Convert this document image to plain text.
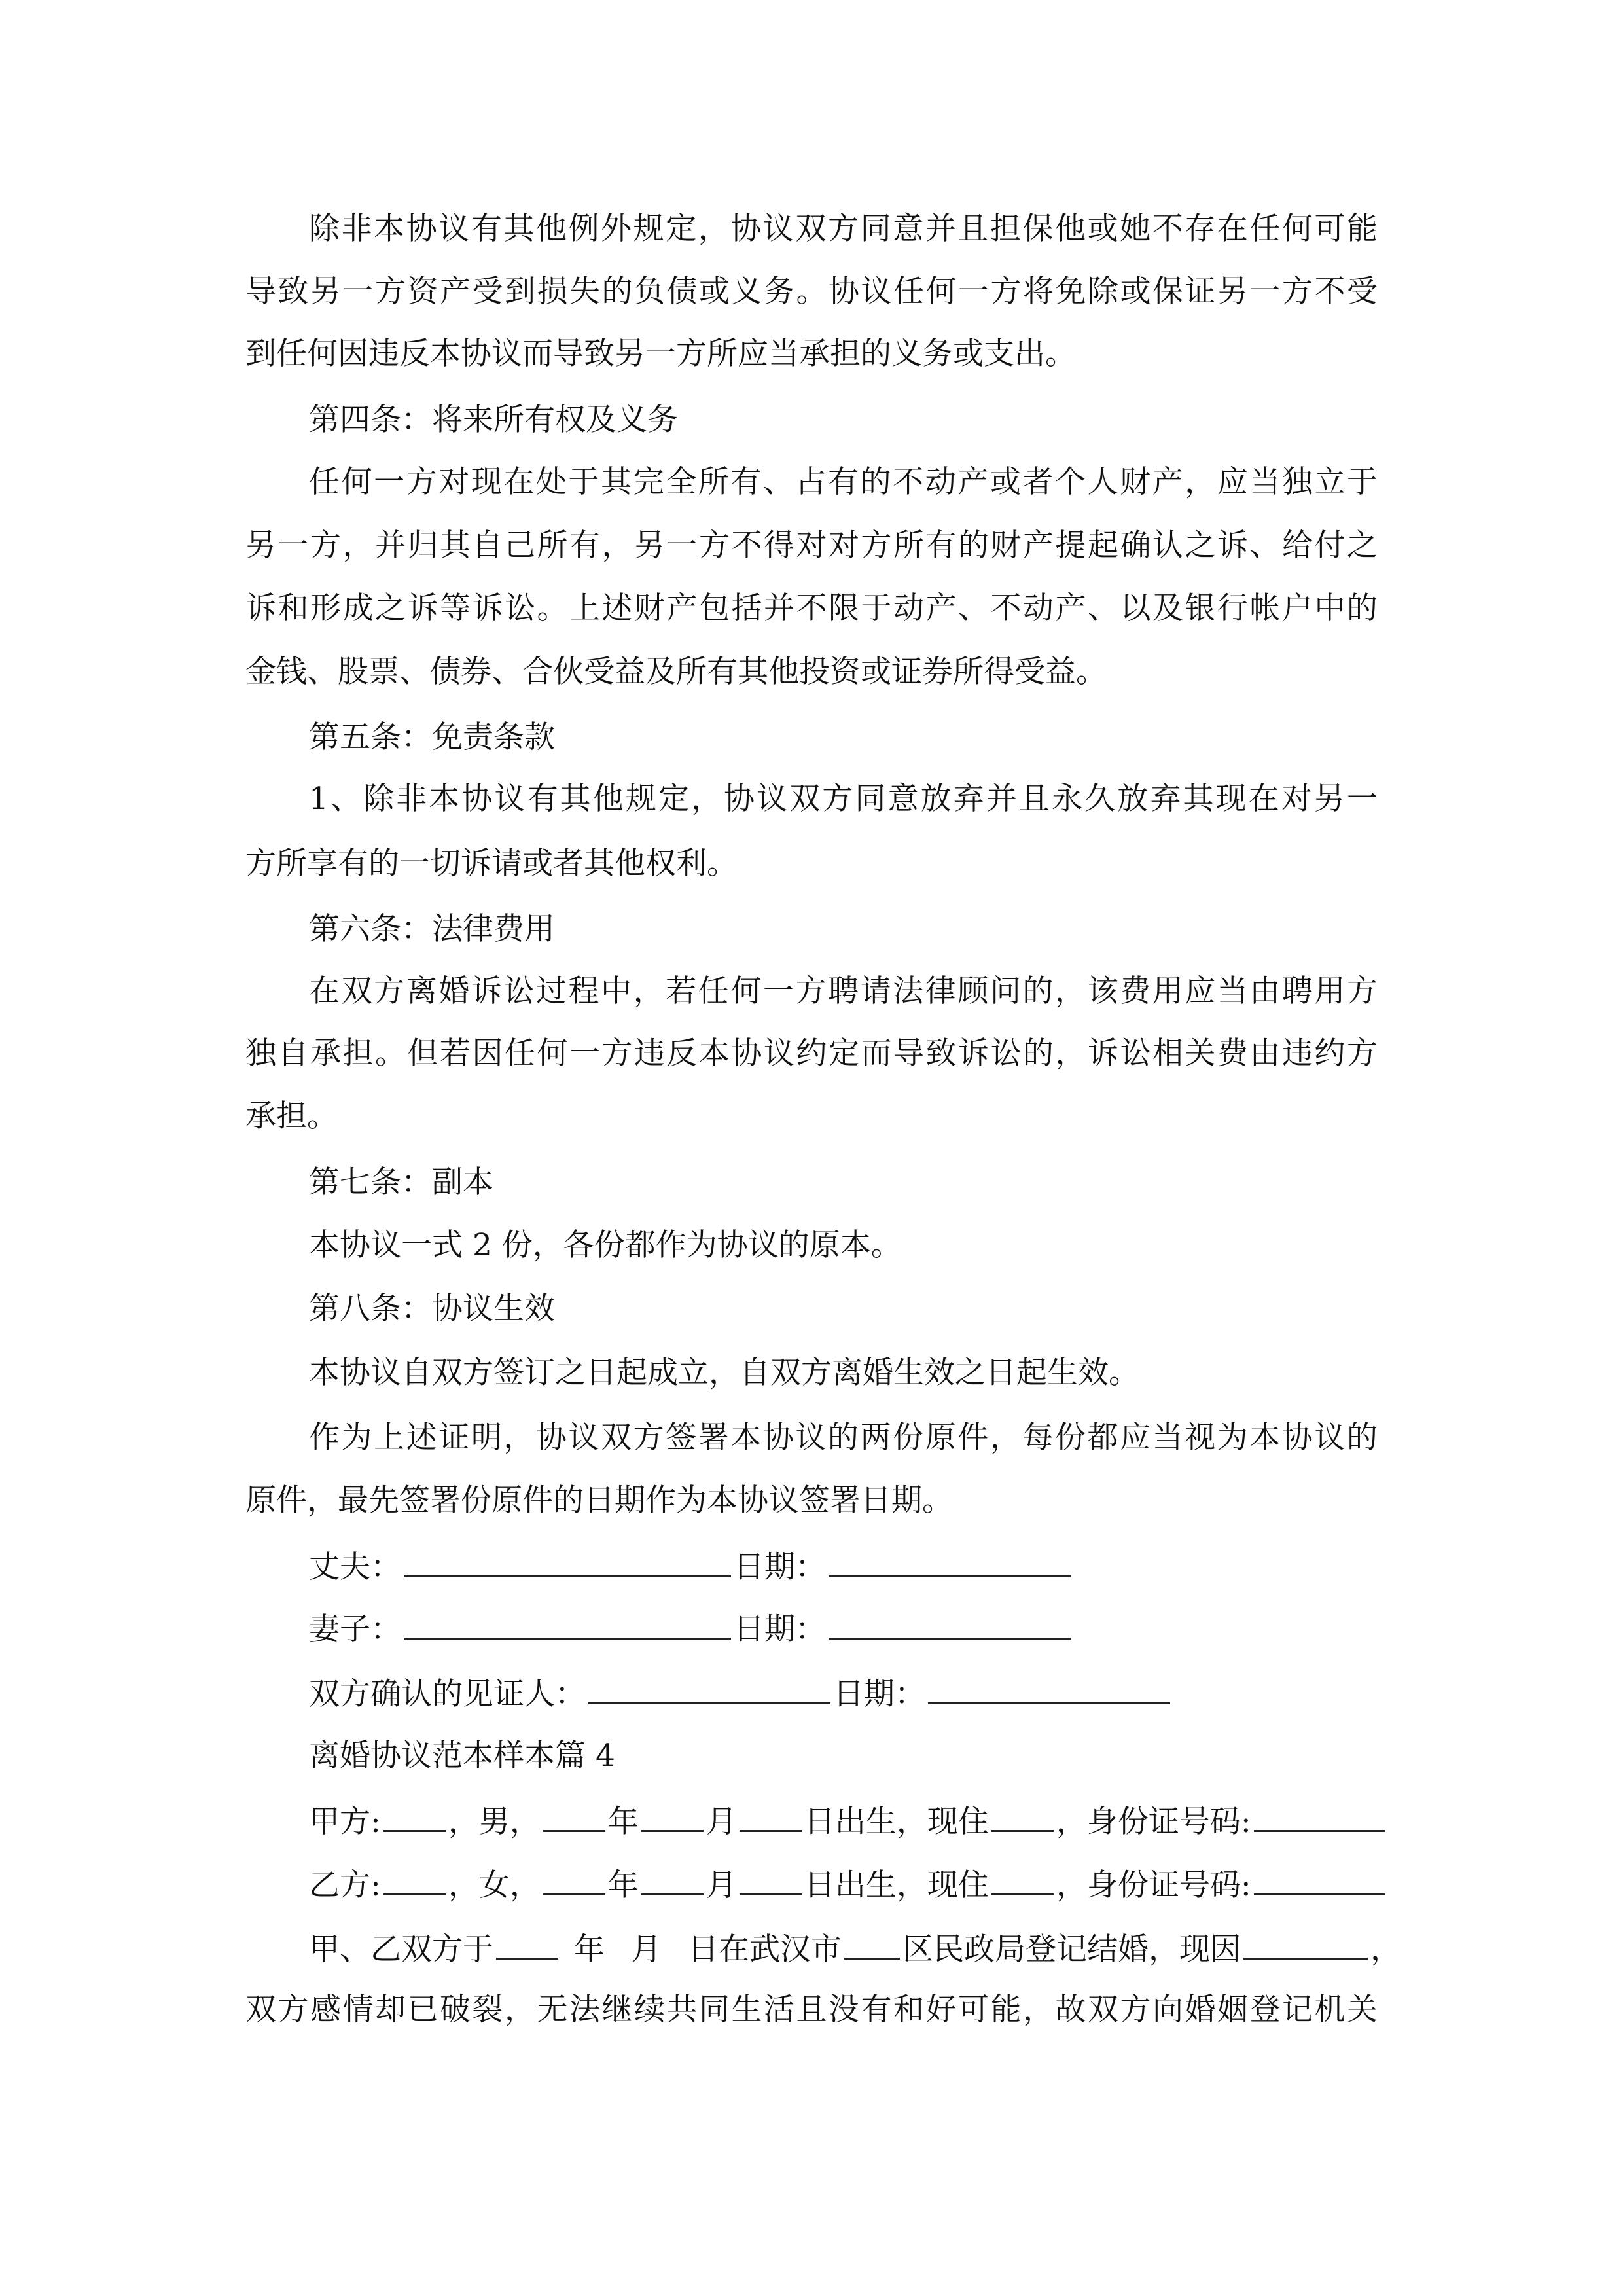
除 非 本 协 议 有 其 他 例 外 规 定 ， 协 议 双 方 同 意 并 且 担 保 他 或 她 不 存 在 任 何 可 能
导 致 另 一 方 资 产 受 到 损 失 的 负 债 或 义 务 。 协 议 任 何 一 方 将 免 除 或 保 证 另 一 方 不 受
到任何因违反本协议而导致另一方所应当承担的义务或支出。
第四条：将来所有权及义务
任 何 一 方 对 现 在 处 于 其 完 全 所 有 、 占 有 的 不 动 产 或 者 个 人 财 产 ， 应 当 独 立 于
另 一 方 ， 并 归 其 自 己 所 有 ， 另 一 方 不 得 对 对 方 所 有 的 财 产 提 起 确 认 之 诉 、 给 付 之
诉 和 形 成 之 诉 等 诉 讼 。 上 述 财 产 包 括 并 不 限 于 动 产 、 不 动 产 、 以 及 银 行 帐 户 中 的
金钱、股票、债券、合伙受益及所有其他投资或证券所得受益。
第五条：免责条款
1 、 除 非 本 协 议 有 其 他 规 定 ， 协 议 双 方 同 意 放 弃 并 且 永 久 放 弃 其 现 在 对 另 一
方所享有的一切诉请或者其他权利。
第六条：法律费用
在 双 方 离 婚 诉 讼 过 程 中 ， 若 任 何 一 方 聘 请 法 律 顾 问 的 ， 该 费 用 应 当 由 聘 用 方
独 自 承 担 。 但 若 因 任 何 一 方 违 反 本 协 议 约 定 而 导 致 诉 讼 的 ， 诉 讼 相 关 费 由 违 约 方
承担。
第七条：副本
本协议一式 2 份，各份都作为协议的原本。
第八条：协议生效
本协议自双方签订之日起成立，自双方离婚生效之日起生效。
作 为 上 述 证 明 ， 协 议 双 方 签 署 本 协 议 的 两 份 原 件 ， 每 份 都 应 当 视 为 本 协 议 的
原件，最先签署份原件的日期作为本协议签署日期。
丈夫：	日期：
妻子：	日期：
双方确认的见证人：	日期：
离婚协议范本样本篇 4
甲方: ， 男， 年 月 日出生，现住 ，身份证号码:
乙方: ， 女， 年 月 日出生，现住 ，身份证号码:
甲、乙双方于	年 月 日在武汉市 区民政局登记结婚，现因	，
双 方 感 情 却 已 破 裂 ， 无 法 继 续 共 同 生 活 且 没 有 和 好 可 能 ， 故 双 方 向 婚 姻 登 记 机 关
